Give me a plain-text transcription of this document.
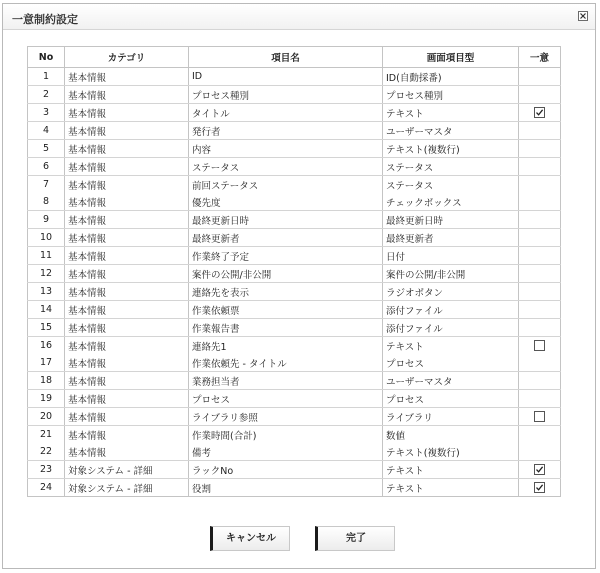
一意制約設定
No	カテゴリ	項目名	画面項目型	一意
1	基本情報	ID	ID(自動採番)	
2	基本情報	プロセス種別	プロセス種別	
3	基本情報	タイトル	テキスト	

4	基本情報	発行者	ユーザーマスタ	
5	基本情報	内容	テキスト(複数行)	
6	基本情報	ステータス	ステータス	
7	基本情報	前回ステータス	ステータス	
8	基本情報	優先度	チェックボックス	
9	基本情報	最終更新日時	最終更新日時	
10	基本情報	最終更新者	最終更新者	
11	基本情報	作業終了予定	日付	
12	基本情報	案件の公開/非公開	案件の公開/非公開	
13	基本情報	連絡先を表示	ラジオボタン	
14	基本情報	作業依頼票	添付ファイル	
15	基本情報	作業報告書	添付ファイル	
16	基本情報	連絡先1	テキスト	
17	基本情報	作業依頼先 - タイトル	プロセス	
18	基本情報	業務担当者	ユーザーマスタ	
19	基本情報	プロセス	プロセス	
20	基本情報	ライブラリ参照	ライブラリ	
21	基本情報	作業時間(合計)	数値	
22	基本情報	備考	テキスト(複数行)	
23	対象システム - 詳細	ラックNo	テキスト	

24	対象システム - 詳細	役割	テキスト	
キャンセル	完了
